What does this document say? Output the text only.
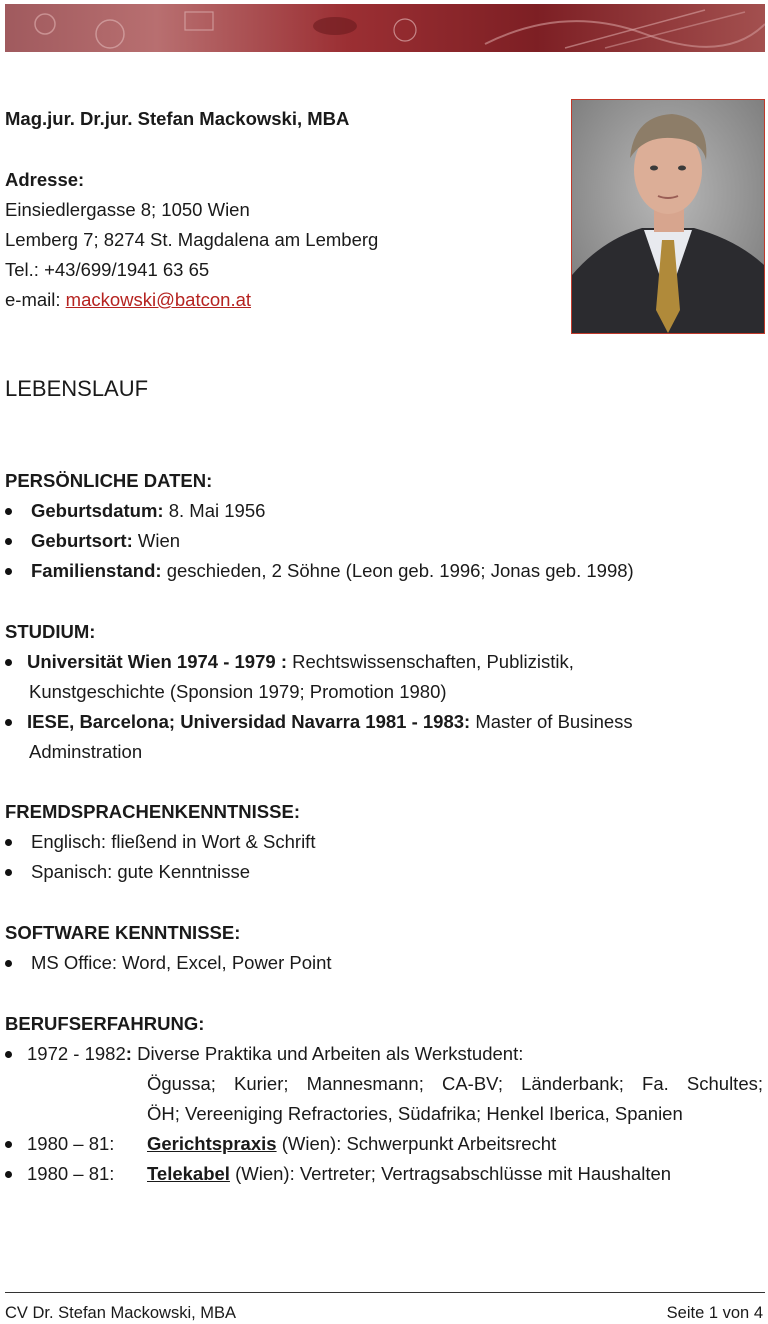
Mag.jur. Dr.jur. Stefan Mackowski, MBA
Adresse:
Einsiedlergasse 8; 1050 Wien
Lemberg 7; 8274 St. Magdalena am Lemberg
Tel.: +43/699/1941 63 65
e-mail: mackowski@batcon.at
LEBENSLAUF
PERSÖNLICHE DATEN:
Geburtsdatum: 8. Mai 1956
Geburtsort: Wien
Familienstand: geschieden, 2 Söhne (Leon geb. 1996; Jonas geb. 1998)
STUDIUM:
Universität Wien 1974 - 1979 : Rechtswissenschaften, Publizistik,
Kunstgeschichte (Sponsion 1979; Promotion 1980)
IESE, Barcelona; Universidad Navarra 1981 - 1983: Master of Business
Adminstration
FREMDSPRACHENKENNTNISSE:
Englisch: fließend in Wort & Schrift
Spanisch: gute Kenntnisse
SOFTWARE KENNTNISSE:
MS Office: Word, Excel, Power Point
BERUFSERFAHRUNG:
1972 - 1982: Diverse Praktika und Arbeiten als Werkstudent:
Ögussa; Kurier; Mannesmann; CA-BV; Länderbank; Fa. Schultes;
ÖH; Vereeniging Refractories, Südafrika; Henkel Iberica, Spanien
1980 – 81: Gerichtspraxis (Wien): Schwerpunkt Arbeitsrecht
1980 – 81: Telekabel (Wien): Vertreter; Vertragsabschlüsse mit Haushalten
CV Dr. Stefan Mackowski, MBA	Seite 1 von 4
